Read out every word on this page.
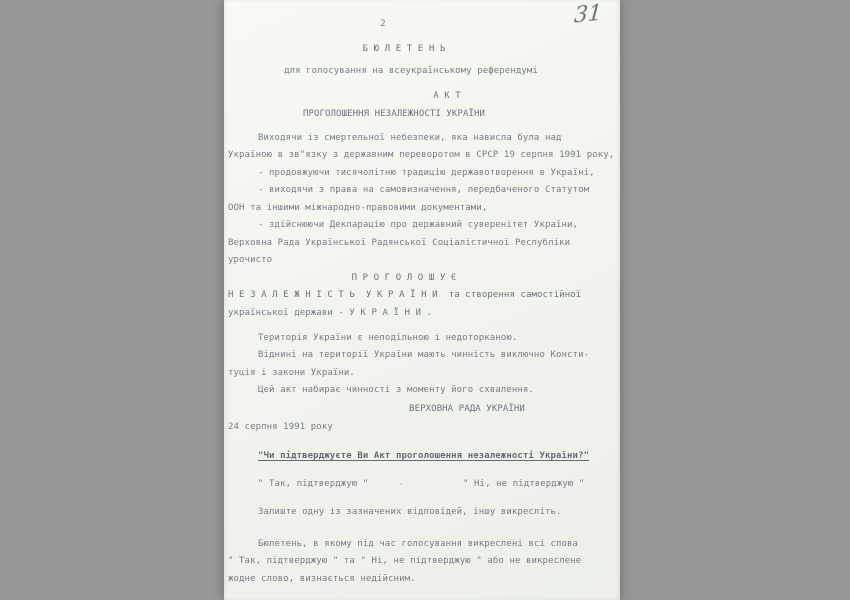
2
Б Ю Л Е Т Е Н Ь
для голосування на всеукраїнському референдумі
А К Т
ПРОГОЛОШЕННЯ НЕЗАЛЕЖНОСТІ УКРАЇНИ
Виходячи із смертельної небезпеки, яка нависла була над
Україною в зв"язку з державним переворотом в СРСР 19 серпня 1991 року,
- продовжуючи тисячолітню традицію державотворення в Україні,
- виходячи з права на самовизначення, передбаченого Статутом
ООН та іншими міжнародно-правовими документами,
- здійснюючи Декларацію про державний суверенітет України,
Верховна Рада Української Радянської Соціалістичної Республіки
урочисто
П Р О Г О Л О Ш У Є
Н Е З А Л Е Ж Н І С Т Ь  У К Р А Ї Н И  та створення самостійної
української держави - У К Р А Ї Н И .
Територія України є неподільною і недоторканою.
Віднині на території України мають чинність виключно Консти-
туція і закони України.
Цей акт набирає чинності з моменту його схвалення.
ВЕРХОВНА РАДА УКРАЇНИ
24 серпня 1991 року
"Чи підтверджуєте Ви Акт проголошення незалежності України?"

" Так, підтверджую "

	-

	" Ні, не підтверджую "

Залиште одну із зазначених відповідей, іншу викресліть.
Бюлетень, в якому під час голосування викреслені всі слова
" Так, підтверджую " та " Ні, не підтверджую " або не викреслене
жодне слово, визнається недійсним.
31
